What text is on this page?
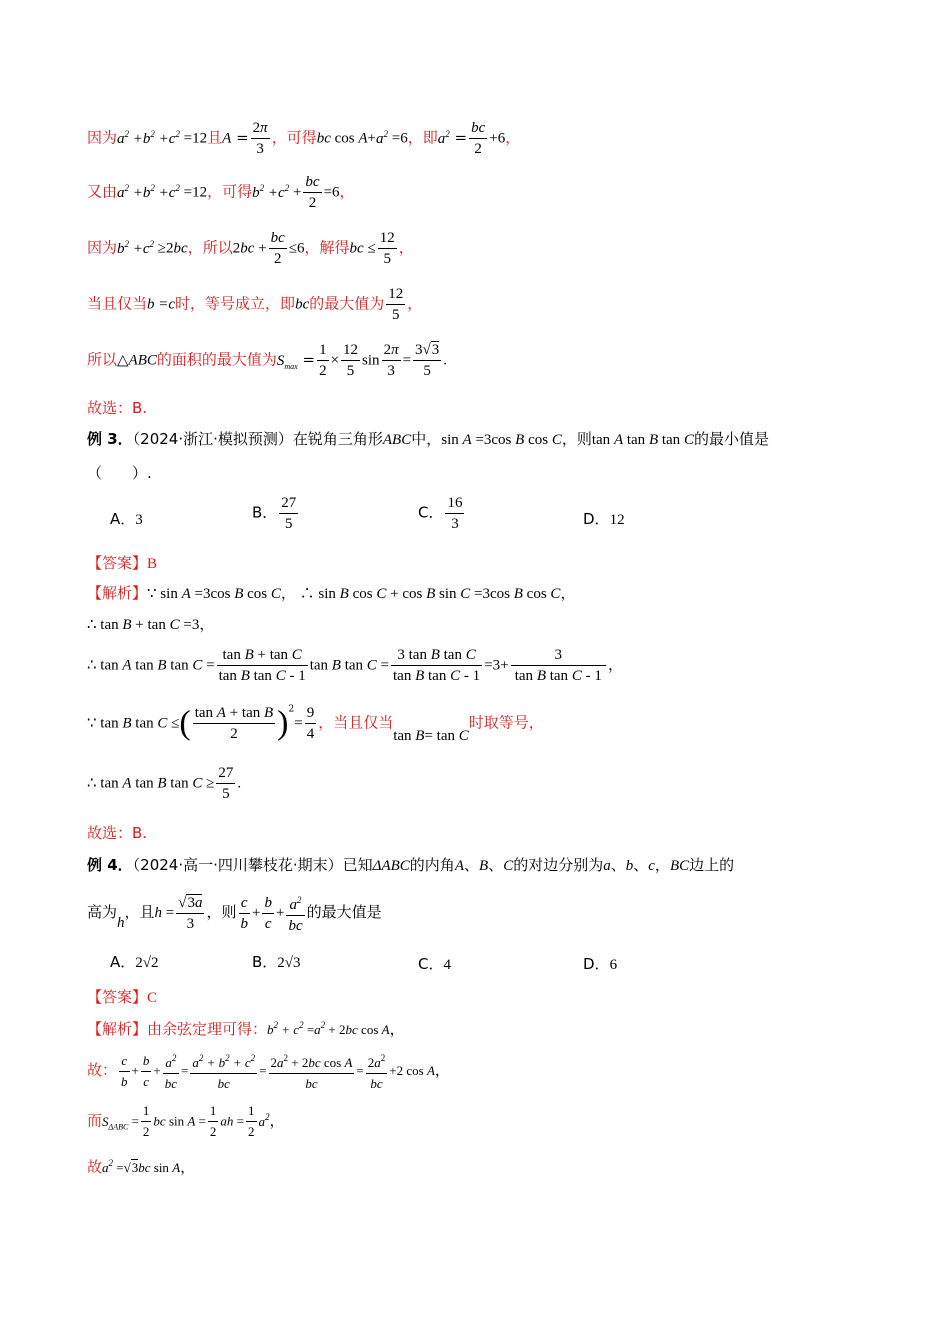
因为$a^2 +b^2 +c^2 =12$且$A = \frac{2\pi}{3}$ ，可得bc $\cos A+a^2 =6$，即$a^2 = \frac{bc}{2} +6$，
又由$a^2 +b^2 +c^2 =12$，可得$b^2 +c^2 + \frac{bc}{2} =6$，
因为$b^2 +c^2 \ge 2bc$，所以$2bc + \frac{bc}{2} \le 6$，解得bc ≤ $\frac{12}{5}$ ，
当且仅当b =c时，等号成立，即bc的最大值为 $\frac{12}{5}$ ，
所以△ABC的面积的最大值为$S_{max} = \frac{1}{2} \times \frac{12}{5}$ $\sin \frac{2\pi}{3} = \frac{3√3}{5}$ .
故选：B.
例 3．（2024·浙江·模拟预测）在锐角三角形ABC中，sin A =3cos B cos C，则tan A tan B tan C的最小值是
（　　）.
A．3	B． $\frac{27}{5}$	C． $\frac{16}{3}$	D．12
【答案】B
【解析】∵ sin A =3cos B cos C， ∴ sin B cos C + cos B sin C =3cos B cos C，
∴ tan B + tan C =3，
∴ tan A tan B $\tan C = \frac{\text{tan B + tan C}}{\text{tan B tan C - 1}}$ tan B $\tan C = \frac{\text{3 tan B tan C}}{\text{tan B tan C - 1}} =3+ \frac{3}{\text{tan B tan C - 1}}$ ，
∵ tan B tan C ≤( $\frac{\text{tan A + tan B}}{2} )^2= \frac{9}{4}$ ，当且仅当tan B= tan C时取等号，
∴ tan A tan B $\tan C \ge \frac{27}{5}$ .
故选：B.
例 4．（2024·高一·四川攀枝花·期末）已知ΔABC的内角A、B、C的对边分别为a、b、c，BC边上的
高为h，且$h = \frac{√3a}{3}$ ，则 $\frac{c}{b} + \frac{b}{c} + \frac{a^2}{bc}$ 的最大值是
A．2√2	B．2√3	C．4	D．6
【答案】C
【解析】由余弦定理可得：$b^2 + c^2 =a^2 + 2bc$ cos A，
故： $\frac{c}{b} + \frac{b}{c} + \frac{a^2}{bc} = \frac{a^2 + b^2 + c^2}{bc} = \frac{2a^2 + 2bc \cos A}{bc} = \frac{2a^2}{bc} +2$ cos A，
而$S_{\Delta ABC} = \frac{1}{2}$ bc $\sin A = \frac{1}{2}$ ah = $\frac{1}{2} a^2$，
故$a^2 =√3bc$ sin A，
